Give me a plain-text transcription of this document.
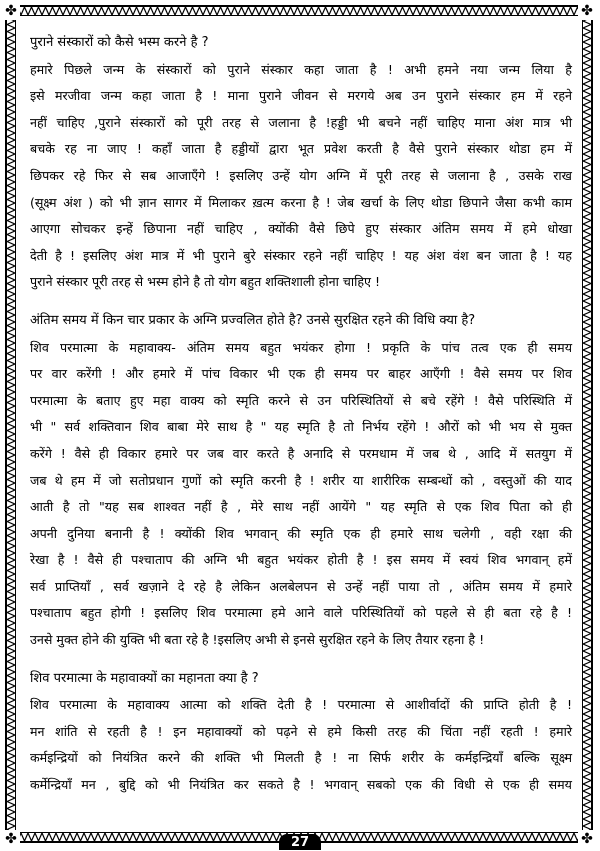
✤	✤
✤	✤
पुराने संस्कारों को कैसे भस्म करने है ?
हमारे पिछले जन्म के संस्कारों को पुराने संस्कार कहा जाता है ! अभी हमने नया जन्म लिया है
इसे मरजीवा जन्म कहा जाता है ! माना पुराने जीवन से मरगये अब उन पुराने संस्कार हम में रहने
नहीं चाहिए ,पुराने संस्कारों को पूरी तरह से जलाना है !हड्डी भी बचने नहीं चाहिए माना अंश मात्र भी
बचके रह ना जाए ! कहाँ जाता है हड्डीयों द्वारा भूत प्रवेश करती है वैसे पुराने संस्कार थोडा हम में
छिपकर रहे फिर से सब आजाएँगे ! इसलिए उन्हें योग अग्नि में पूरी तरह से जलाना है , उसके राख
(सूक्ष्म अंश ) को भी ज्ञान सागर में मिलाकर ख़त्म करना है ! जेब खर्चा के लिए थोडा छिपाने जैसा कभी काम
आएगा सोचकर इन्हें छिपाना नहीं चाहिए , क्योंकी वैसे छिपे हुए संस्कार अंतिम समय में हमे धोखा
देती है ! इसलिए अंश मात्र में भी पुराने बुरे संस्कार रहने नहीं चाहिए ! यह अंश वंश बन जाता है ! यह
पुराने संस्कार पूरी तरह से भस्म होने है तो योग बहुत शक्तिशाली होना चाहिए !
अंतिम समय में किन चार प्रकार के अग्नि प्रज्वलित होते है? उनसे सुरक्षित रहने की विधि क्या है?
शिव परमात्मा के महावाक्य- अंतिम समय बहुत भयंकर होगा ! प्रकृति के पांच तत्व एक ही समय
पर वार करेंगी ! और हमारे में पांच विकार भी एक ही समय पर बाहर आएँगी ! वैसे समय पर शिव
परमात्मा के बताए हुए महा वाक्य को स्मृति करने से उन परिस्थितियों से बचे रहेंगे ! वैसे परिस्थिति में
भी " सर्व शक्तिवान शिव बाबा मेरे साथ है " यह स्मृति है तो निर्भय रहेंगे ! औरों को भी भय से मुक्त
करेंगे ! वैसे ही विकार हमारे पर जब वार करते है अनादि से परमधाम में जब थे , आदि में सतयुग में
जब थे हम में जो सतोप्रधान गुणों को स्मृति करनी है ! शरीर या शारीरिक सम्बन्धों को , वस्तुओं की याद
आती है तो "यह सब शाश्वत नहीं है , मेरे साथ नहीं आयेंगे " यह स्मृति से एक शिव पिता को ही
अपनी दुनिया बनानी है ! क्योंकी शिव भगवान् की स्मृति एक ही हमारे साथ चलेगी , वही रक्षा की
रेखा है ! वैसे ही पश्चाताप की अग्नि भी बहुत भयंकर होती है ! इस समय में स्वयं शिव भगवान् हमें
सर्व प्राप्तियाँ , सर्व खज़ाने दे रहे है लेकिन अलबेलपन से उन्हें नहीं पाया तो , अंतिम समय में हमारे
पश्चाताप बहुत होगी ! इसलिए शिव परमात्मा हमे आने वाले परिस्थितियों को पहले से ही बता रहे है !
उनसे मुक्त होने की युक्ति भी बता रहे है !इसलिए अभी से इनसे सुरक्षित रहने के लिए तैयार रहना है !
शिव परमात्मा के महावाक्यों का महानता क्या है ?
शिव परमात्मा के महावाक्य आत्मा को शक्ति देती है ! परमात्मा से आशीर्वादों की प्राप्ति होती है !
मन शांति से रहती है ! इन महावाक्यों को पढ़ने से हमे किसी तरह की चिंता नहीं रहती ! हमारे
कर्मइन्द्रियों को नियंत्रित करने की शक्ति भी मिलती है ! ना सिर्फ शरीर के कर्मइन्द्रियाँ बल्कि सूक्ष्म
कर्मेन्द्रियाँ मन , बुद्दि को भी नियंत्रित कर सकते है ! भगवान् सबको एक की विधी से एक ही समय
27
